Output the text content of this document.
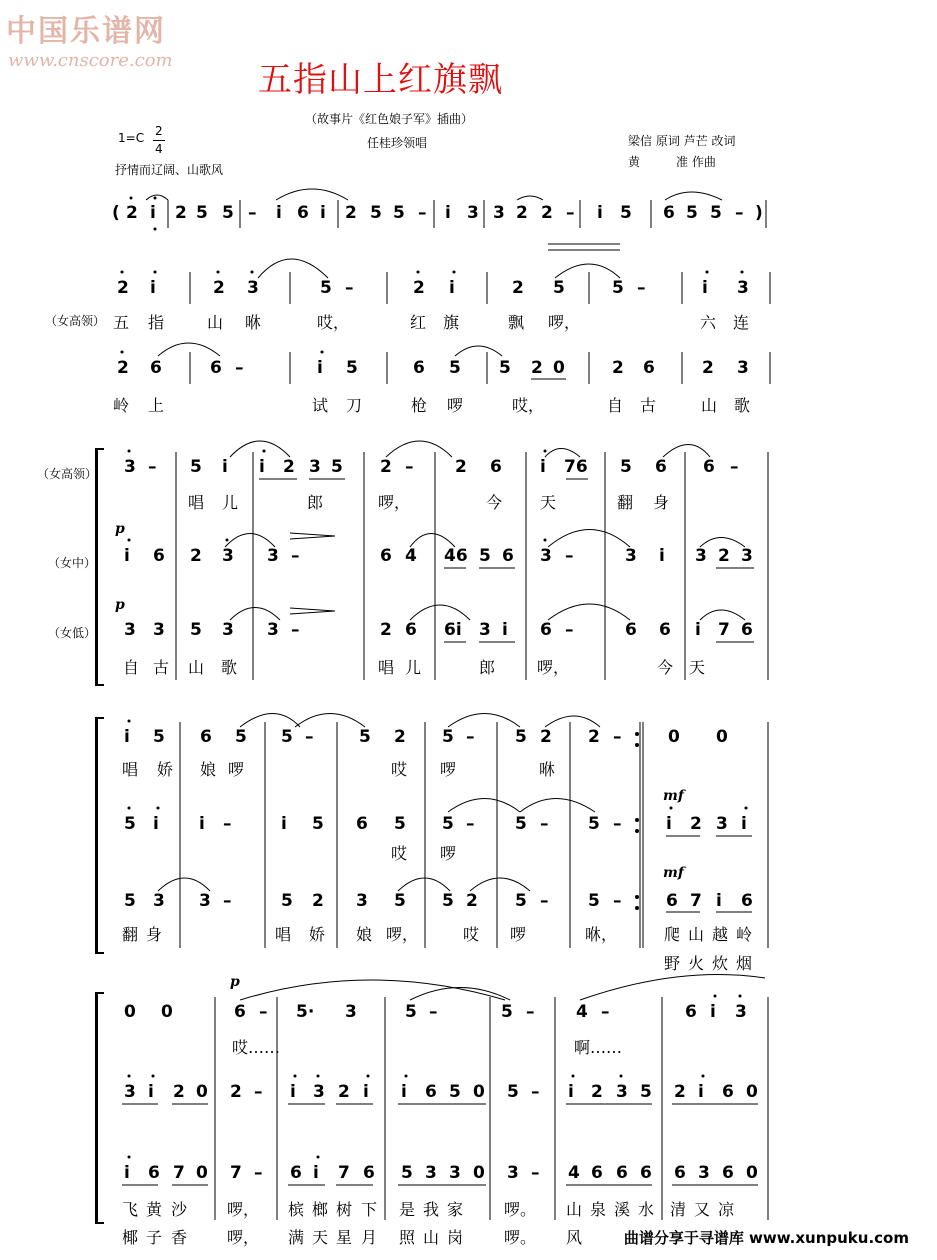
中国乐谱网
www.cnscore.com	五指山上红旗飘
（故事片《红色娘子军》插曲）
1=C 2
4
抒情而辽阔、山歌风
任桂珍领唱	梁信 原词 芦芒 改词
黄　　　准 作曲
( 2 i 2 5 5 – i 6 i 2 5 5 – i 3 3 2 2 – i 5 6 5 5 – )
2 i	2 3	5 –	2 i	2 5	5 –	i 3
（女高领） 五 指	山 咻	哎，	红 旗	飘 啰，	六 连
2 6	6 –	i 5	6 5 5 2 0	2 6	2 3
岭 上	试 刀	枪 啰	哎，	自 古	山 歌
（女高领）
（女中）
（女低）
3 – 5 i i 2 3 5 2 – 2 6 i 76 5 6 6 –
唱 儿	郎	啰，	今 天	翻 身
p
i 6 2 3 3 –	6 4 46 5 6 3 –	3 i 3 2 3
p
3 3 5 3 3 –	2 6 6i 3 i 6 –	6 6 i 7 6
自 古 山 歌	唱 儿	郎	啰，	今 天
i 5 6 5 5 –	5 2 5 – 5 2 2 –	0 0
唱 娇 娘 啰	哎 啰	咻
mf
5 i i –	i 5 6 5 5 – 5 – 5 –	i 2 3 i
哎 啰
mf
5 3 3 –	5 2 3 5 5 2 5 – 5 –	6 7 i 6
翻 身	唱 娇 娘 啰，	哎 啰	咻，	爬 山 越 岭
野 火 炊 烟
p
0 0	6 – 5· 3	5 –	5 – 4 –	6 i 3
哎……	啊……
3 i 2 0 2 – i 3 2 i i 6 5 0 5 – i 2 3 5 2 i 6 0
i 6 7 0 7 – 6 i 7 6 5 3 3 0 3 – 4 6 6 6 6 3 6 0
飞 黄 沙 啰， 槟 榔 树 下 是 我 家	啰。 山 泉 溪 水 清 又 凉
椰 子 香 啰， 满 天 星 月 照 山 岗	啰。 风	曲谱分享于寻谱库 www.xunpuku.com
